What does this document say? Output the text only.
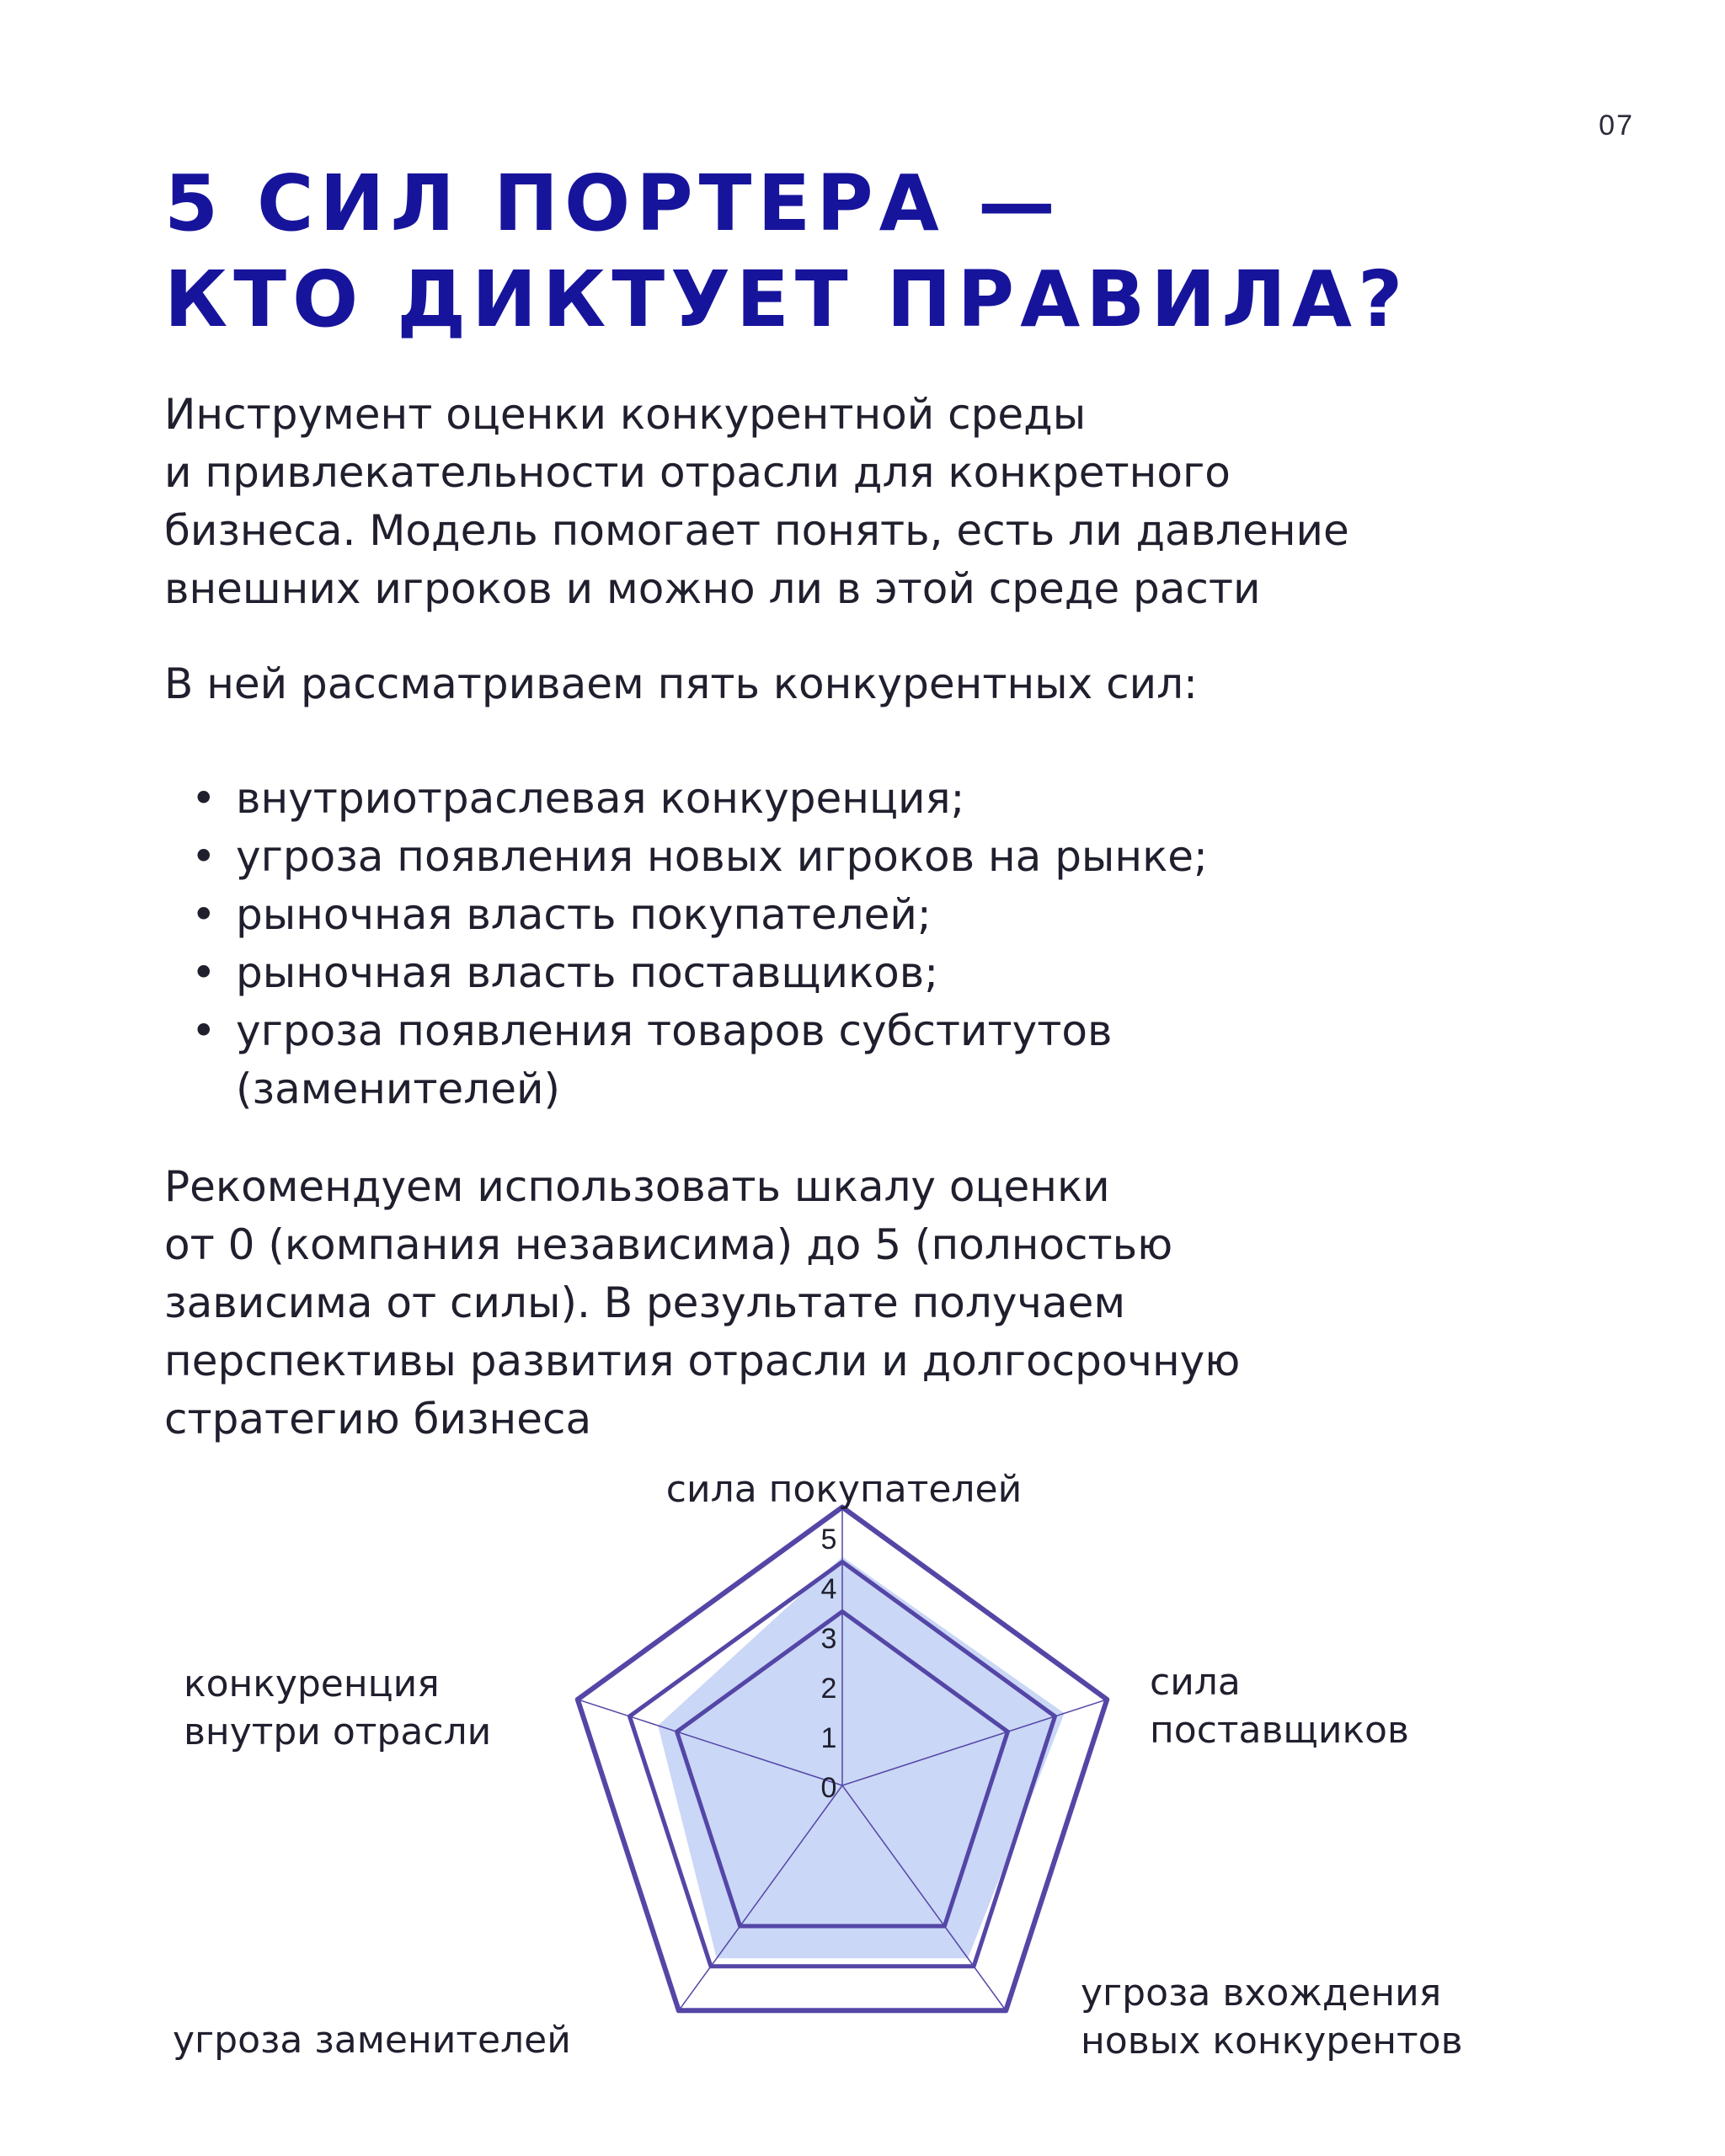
07
5 СИЛ ПОРТЕРА —
КТО ДИКТУЕТ ПРАВИЛА?

Инструмент оценки конкурентной среды
и привлекательности отрасли для конкретного
бизнеса. Модель помогает понять, есть ли давление
внешних игроков и можно ли в этой среде расти

В ней рассматриваем пять конкурентных сил:

• внутриотраслевая конкуренция;
• угроза появления новых игроков на рынке;
• рыночная власть покупателей;
• рыночная власть поставщиков;
• угроза появления товаров субститутов
(заменителей)

Рекомендуем использовать шкалу оценки
от 0 (компания независима) до 5 (полностью
зависима от силы). В результате получаем
перспективы развития отрасли и долгосрочную
стратегию бизнеса

0
1
2
3
4
5
сила покупателей
сила
поставщиков
угроза вхождения
новых конкурентов
угроза заменителей
конкуренция
внутри отрасли
